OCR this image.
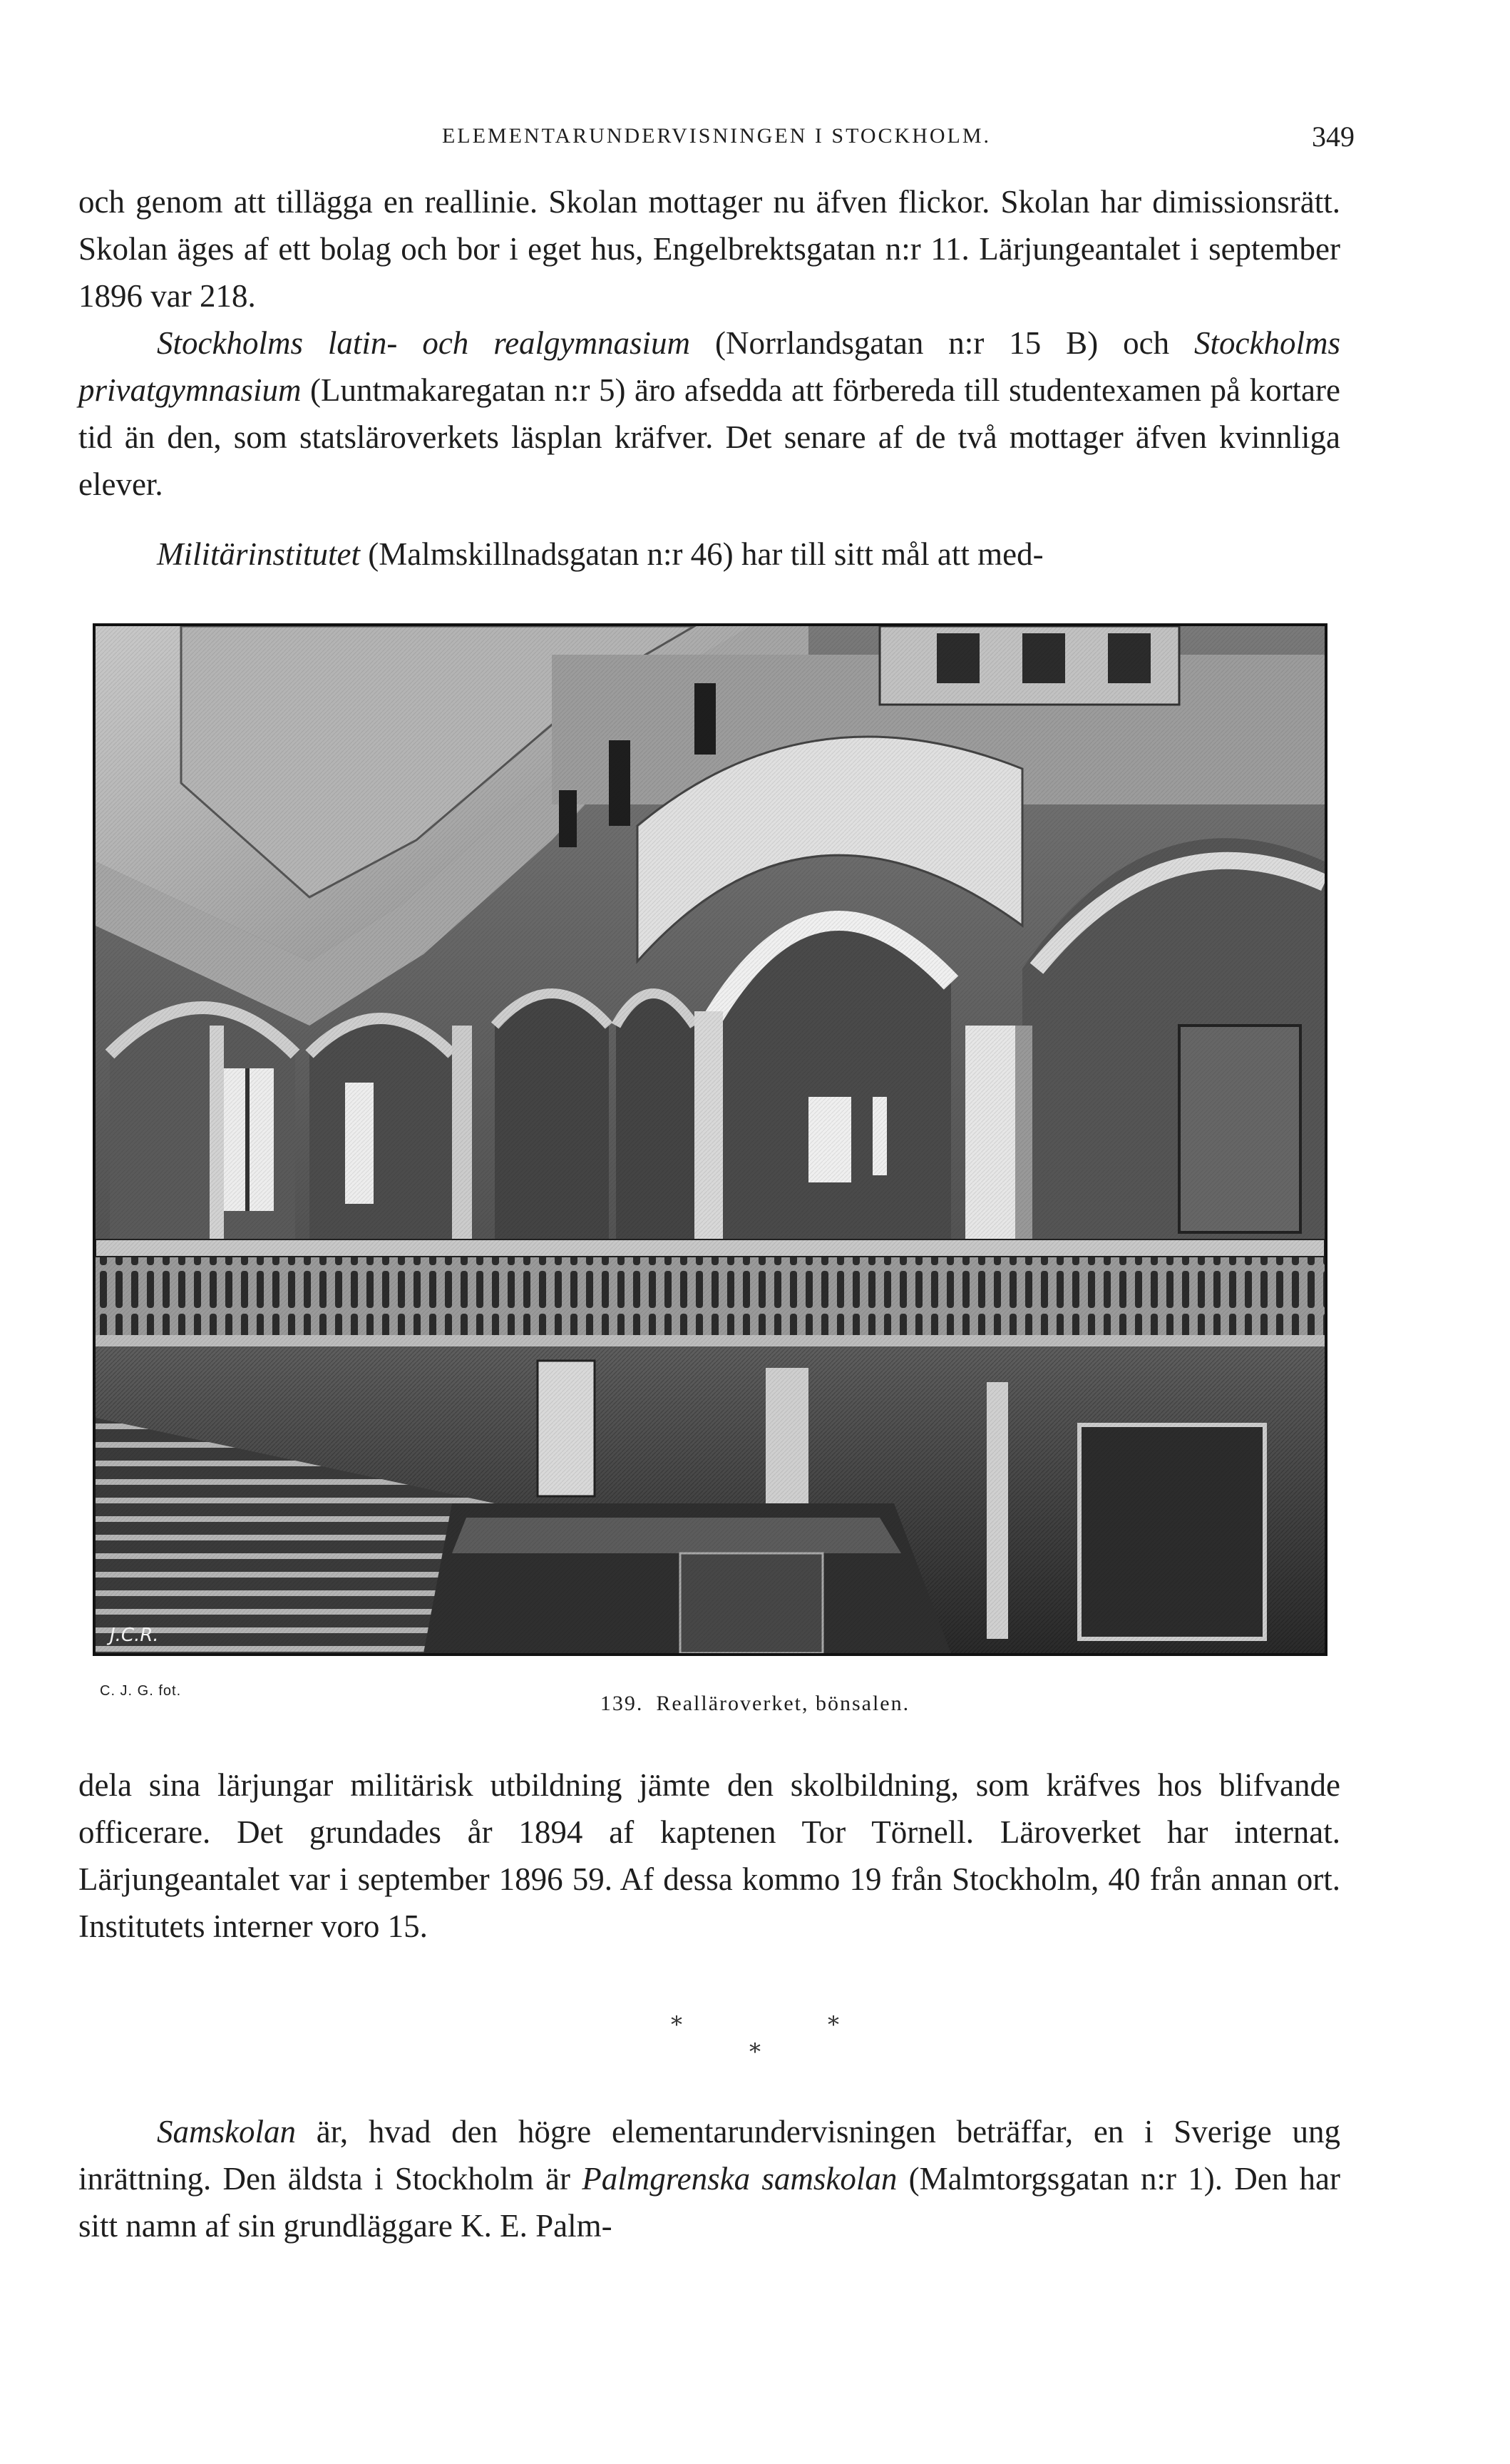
ELEMENTARUNDERVISNINGEN I STOCKHOLM.	349

och genom att tillägga en reallinie. Skolan mottager nu äfven flickor. Skolan har dimissionsrätt. Skolan äges af ett bolag och bor i eget hus, Engelbrektsgatan n:r 11. Lärjungeantalet i september 1896 var 218.

Stockholms latin- och realgymnasium (Norrlandsgatan n:r 15 B) och Stockholms privatgymnasium (Luntmakaregatan n:r 5) äro afsedda att förbereda till studentexamen på kortare tid än den, som statsläroverkets läsplan kräfver. Det senare af de två mottager äfven kvinnliga elever.

Militärinstitutet (Malmskillnadsgatan n:r 46) har till sitt mål att med-

J.C.R.
C. J. G. fot.
139. Realläroverket, bönsalen.

dela sina lärjungar militärisk utbildning jämte den skolbildning, som kräfves hos blifvande officerare. Det grundades år 1894 af kaptenen Tor Törnell. Läroverket har internat. Lärjungeantalet var i september 1896 59. Af dessa kommo 19 från Stockholm, 40 från annan ort. Institutets interner voro 15.

*	*
*

Samskolan är, hvad den högre elementarundervisningen beträffar, en i Sverige ung inrättning. Den äldsta i Stockholm är Palmgrenska samskolan (Malmtorgsgatan n:r 1). Den har sitt namn af sin grundläggare K. E. Palm-
